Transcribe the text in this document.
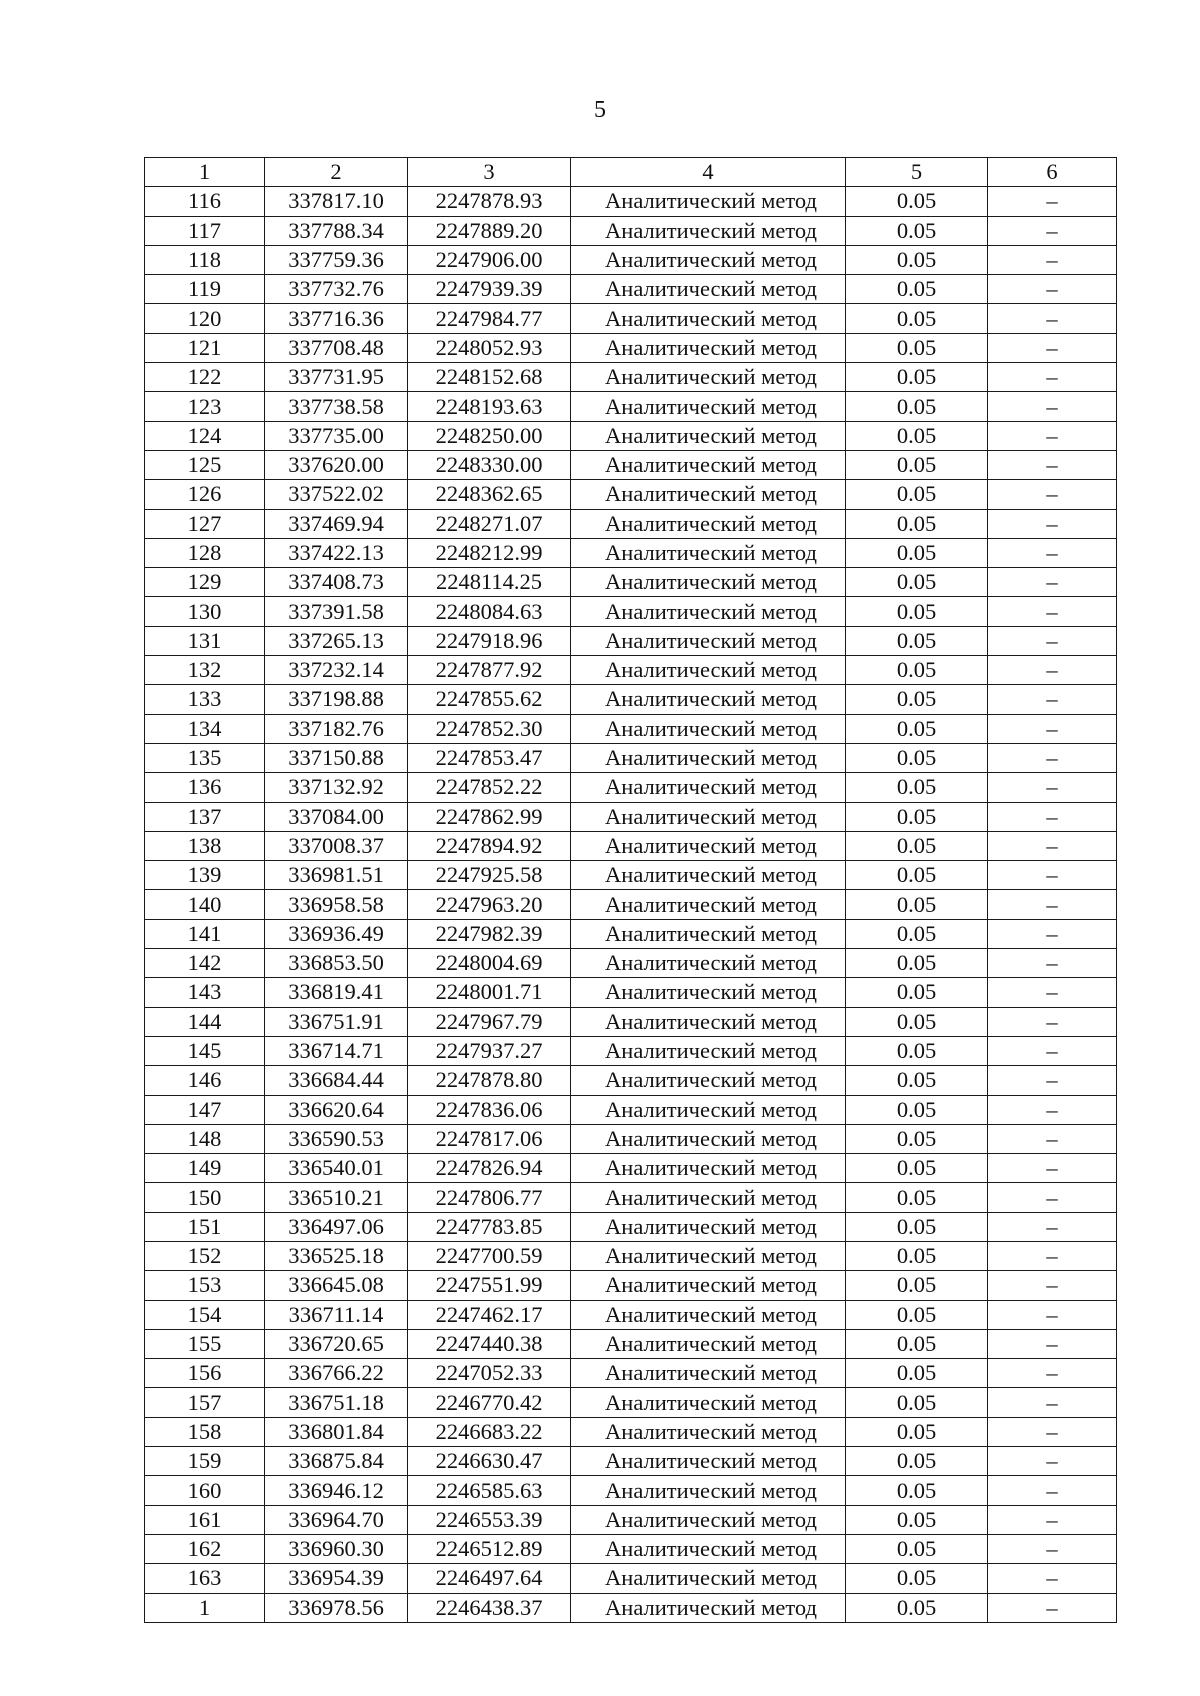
5
1	2	3	4	5	6
116	337817.10	2247878.93	Аналитический метод	0.05	–
117	337788.34	2247889.20	Аналитический метод	0.05	–
118	337759.36	2247906.00	Аналитический метод	0.05	–
119	337732.76	2247939.39	Аналитический метод	0.05	–
120	337716.36	2247984.77	Аналитический метод	0.05	–
121	337708.48	2248052.93	Аналитический метод	0.05	–
122	337731.95	2248152.68	Аналитический метод	0.05	–
123	337738.58	2248193.63	Аналитический метод	0.05	–
124	337735.00	2248250.00	Аналитический метод	0.05	–
125	337620.00	2248330.00	Аналитический метод	0.05	–
126	337522.02	2248362.65	Аналитический метод	0.05	–
127	337469.94	2248271.07	Аналитический метод	0.05	–
128	337422.13	2248212.99	Аналитический метод	0.05	–
129	337408.73	2248114.25	Аналитический метод	0.05	–
130	337391.58	2248084.63	Аналитический метод	0.05	–
131	337265.13	2247918.96	Аналитический метод	0.05	–
132	337232.14	2247877.92	Аналитический метод	0.05	–
133	337198.88	2247855.62	Аналитический метод	0.05	–
134	337182.76	2247852.30	Аналитический метод	0.05	–
135	337150.88	2247853.47	Аналитический метод	0.05	–
136	337132.92	2247852.22	Аналитический метод	0.05	–
137	337084.00	2247862.99	Аналитический метод	0.05	–
138	337008.37	2247894.92	Аналитический метод	0.05	–
139	336981.51	2247925.58	Аналитический метод	0.05	–
140	336958.58	2247963.20	Аналитический метод	0.05	–
141	336936.49	2247982.39	Аналитический метод	0.05	–
142	336853.50	2248004.69	Аналитический метод	0.05	–
143	336819.41	2248001.71	Аналитический метод	0.05	–
144	336751.91	2247967.79	Аналитический метод	0.05	–
145	336714.71	2247937.27	Аналитический метод	0.05	–
146	336684.44	2247878.80	Аналитический метод	0.05	–
147	336620.64	2247836.06	Аналитический метод	0.05	–
148	336590.53	2247817.06	Аналитический метод	0.05	–
149	336540.01	2247826.94	Аналитический метод	0.05	–
150	336510.21	2247806.77	Аналитический метод	0.05	–
151	336497.06	2247783.85	Аналитический метод	0.05	–
152	336525.18	2247700.59	Аналитический метод	0.05	–
153	336645.08	2247551.99	Аналитический метод	0.05	–
154	336711.14	2247462.17	Аналитический метод	0.05	–
155	336720.65	2247440.38	Аналитический метод	0.05	–
156	336766.22	2247052.33	Аналитический метод	0.05	–
157	336751.18	2246770.42	Аналитический метод	0.05	–
158	336801.84	2246683.22	Аналитический метод	0.05	–
159	336875.84	2246630.47	Аналитический метод	0.05	–
160	336946.12	2246585.63	Аналитический метод	0.05	–
161	336964.70	2246553.39	Аналитический метод	0.05	–
162	336960.30	2246512.89	Аналитический метод	0.05	–
163	336954.39	2246497.64	Аналитический метод	0.05	–
1	336978.56	2246438.37	Аналитический метод	0.05	–
